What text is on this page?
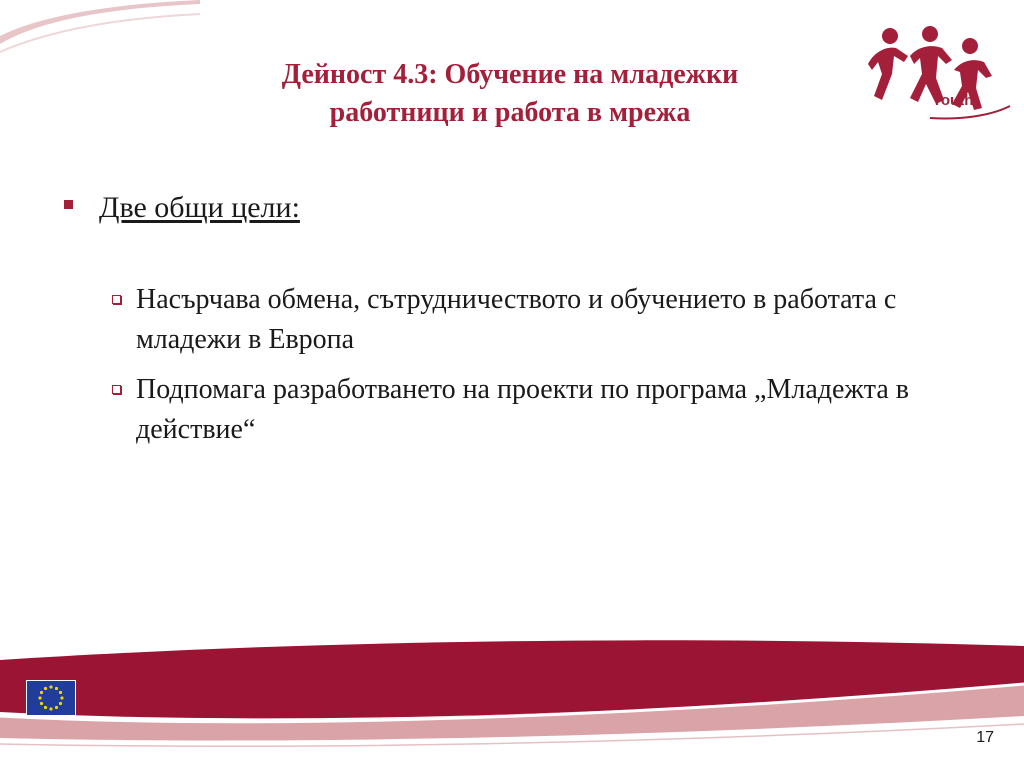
Дейност 4.3: Обучение на младежки
работници и работа в мрежа	Youth
Две общи цели:
Насърчава обмена, сътрудничеството и обучението в работата с младежи в Европа
Подпомага разработването на проекти по програма „Младежта в действие“
17
